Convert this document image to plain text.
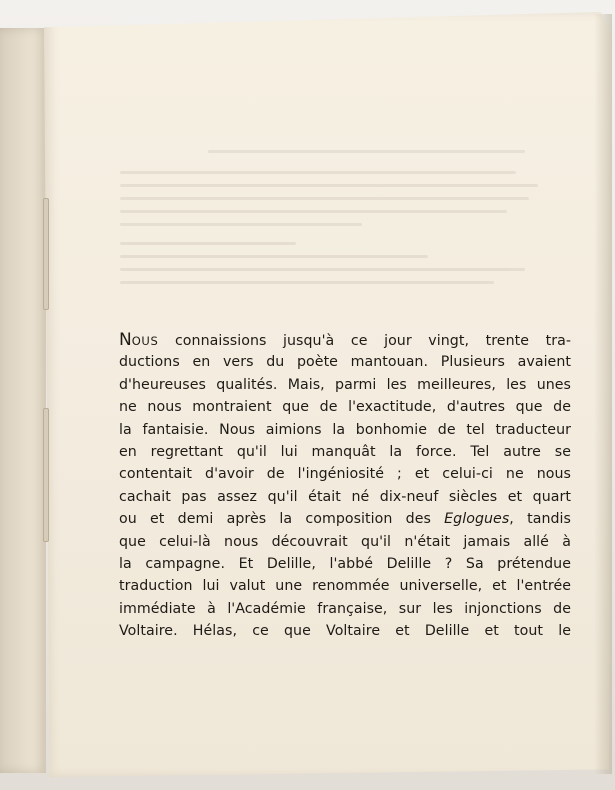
NOUS connaissions jusqu'à ce jour vingt, trente tra-
ductions en vers du poète mantouan. Plusieurs avaient
d'heureuses qualités. Mais, parmi les meilleures, les unes
ne nous montraient que de l'exactitude, d'autres que de
la fantaisie. Nous aimions la bonhomie de tel traducteur
en regrettant qu'il lui manquât la force. Tel autre se
contentait d'avoir de l'ingéniosité ; et celui-ci ne nous
cachait pas assez qu'il était né dix-neuf siècles et quart
ou et demi après la composition des Eglogues, tandis
que celui-là nous découvrait qu'il n'était jamais allé à
la campagne. Et Delille, l'abbé Delille ? Sa prétendue
traduction lui valut une renommée universelle, et l'entrée
immédiate à l'Académie française, sur les injonctions de
Voltaire. Hélas, ce que Voltaire et Delille et tout le
